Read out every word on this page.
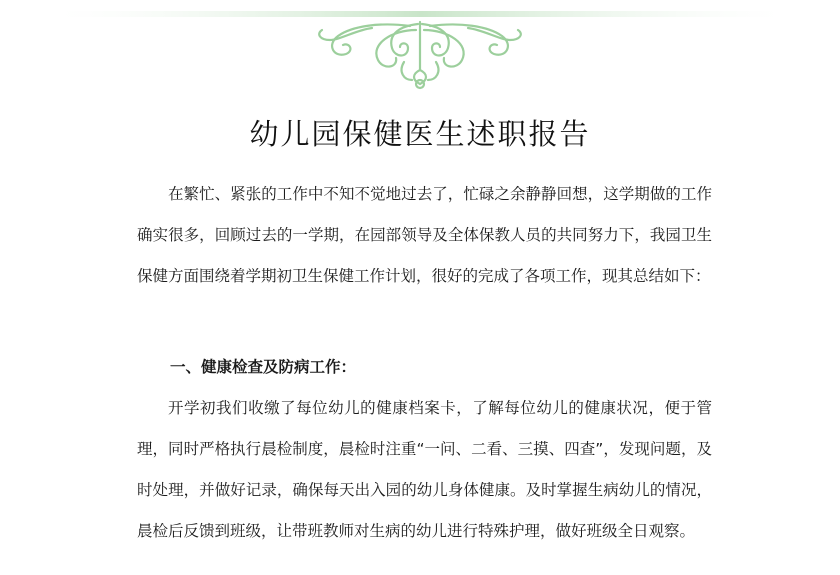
幼儿园保健医生述职报告

在繁忙、紧张的工作中不知不觉地过去了，忙碌之余静静回想，这学期做的工作确实很多，回顾过去的一学期，在园部领导及全体保教人员的共同努力下，我园卫生保健方面围绕着学期初卫生保健工作计划，很好的完成了各项工作，现其总结如下：

一、健康检查及防病工作：

开学初我们收缴了每位幼儿的健康档案卡，了解每位幼儿的健康状况，便于管理，同时严格执行晨检制度，晨检时注重“一问、二看、三摸、四查”，发现问题，及时处理，并做好记录，确保每天出入园的幼儿身体健康。及时掌握生病幼儿的情况，晨检后反馈到班级，让带班教师对生病的幼儿进行特殊护理，做好班级全日观察。
